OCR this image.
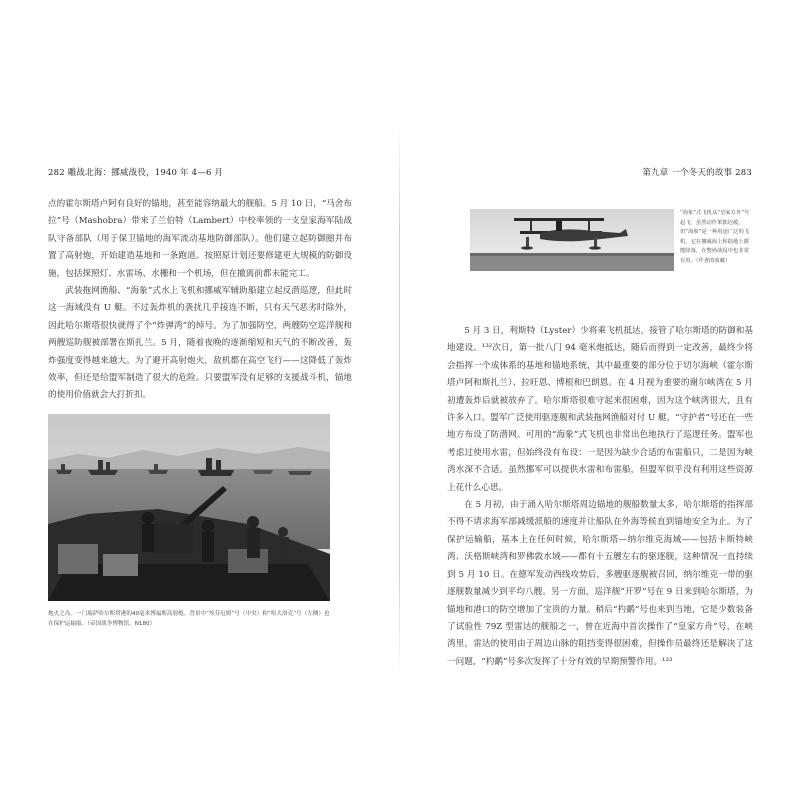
282 雕战北海：挪威战役，1940 年 4—6 月

点的霍尔斯塔卢阿有良好的锚地，甚至能容纳最大的舰船。5 月 10 日，“马舍布拉”号（Mashobra）带来了兰伯特（Lambert）中校率领的一支皇家海军陆战队守备部队（用于保卫锚地的海军流动基地防御部队）。他们建立起防御圈并布置了高射炮，开始建造基地和一条跑道。按照原计划还要修建更大规模的防御设施，包括探照灯、水雷场、水栅和一个机场，但在撤离前都未能完工。

武装拖网渔船、“海象”式水上飞机和挪威军辅助船建立起反潜巡逻，但此时这一海域没有 U 艇。不过轰炸机的袭扰几乎接连不断，只有天气恶劣时除外，因此哈尔斯塔很快就得了个“炸弹湾”的绰号。为了加强防空，两艘防空巡洋舰和两艘巡防舰被部署在斯扎兰。5 月，随着夜晚的逐渐缩短和天气的不断改善，轰炸强度变得越来越大。为了避开高射炮火，敌机都在高空飞行——这降低了轰炸效率，但还是给盟军制造了很大的危险。只要盟军没有足够的支援战斗机，锚地的使用价值就会大打折扣。

炮火之岛。一门瑞萨哈尔斯塔港的40毫米博福斯高射炮。背景中“埃芬厄姆”号（中央）和“哈夫洛克”号（左侧）也在保护运输船。（帝国战争博物馆，N180）
第九章 一个冬天的故事 283
“海象”式飞机从“皇家方舟”号起飞，虽然动作笨拙迟缓，但“海象”是一种用途广泛的飞机，它在挪威海上和陆地上都能降落，在整场战役中也非常有用。（作者的收藏）

5 月 3 日，利斯特（Lyster）少将乘飞机抵达，接管了哈尔斯塔的防御和基地建设。¹³²次日，第一批八门 94 毫米炮抵达，随后而得到一定改善，最终少将会指挥一个成体系的基地和锚地系统，其中最重要的部分位于切尔海峡（霍尔斯塔卢阿和斯扎兰）、拉旺恩、博根和巴朗恩。在 4 月视为重要的谢尔峡湾在 5 月初遭轰炸后就被放弃了。哈尔斯塔很难守起来很困难，因为这个峡湾很大，且有许多入口。盟军广泛使用驱逐舰和武装拖网渔船对付 U 艇，“守护者”号还在一些地方布设了防潜网。可用的“海象”式飞机也非常出色地执行了巡逻任务。盟军也考虑过使用水雷，但始终没有布设：一是因为缺少合适的布雷船只，二是因为峡湾水深不合适。虽然挪军可以提供水雷和布雷船，但盟军似乎没有利用这些资源上花什么心思。

在 5 月初，由于涌入哈尔斯塔周边锚地的舰船数量太多，哈尔斯塔的指挥部不得不请求海军部减缓派船的速度并让船队在外海等候直到锚地安全为止。为了保护运输船，基本上在任何时候，哈尔斯塔—纳尔维克海域——包括卡斯特峡湾、沃格斯峡湾和罗佛敦水域——都有十五艘左右的驱逐舰，这种情况一直持续到 5 月 10 日。在德军发动西线攻势后，多艘驱逐舰被召回，纳尔维克一带的驱逐舰数量减少到平均八艘。另一方面，巡洋舰“开罗”号在 9 日来到哈尔斯塔，为锚地和港口的防空增加了宝贵的力量。稍后“杓鹬”号也来到当地，它是少数装备了试验性 79Z 型雷达的舰船之一，曾在近海中首次操作了“皇家方舟”号，在峡湾里，雷达的使用由于周边山脉的阻挡变得很困难，但操作员最终还是解决了这一问题，“杓鹬”号多次发挥了十分有效的早期预警作用。¹³³
